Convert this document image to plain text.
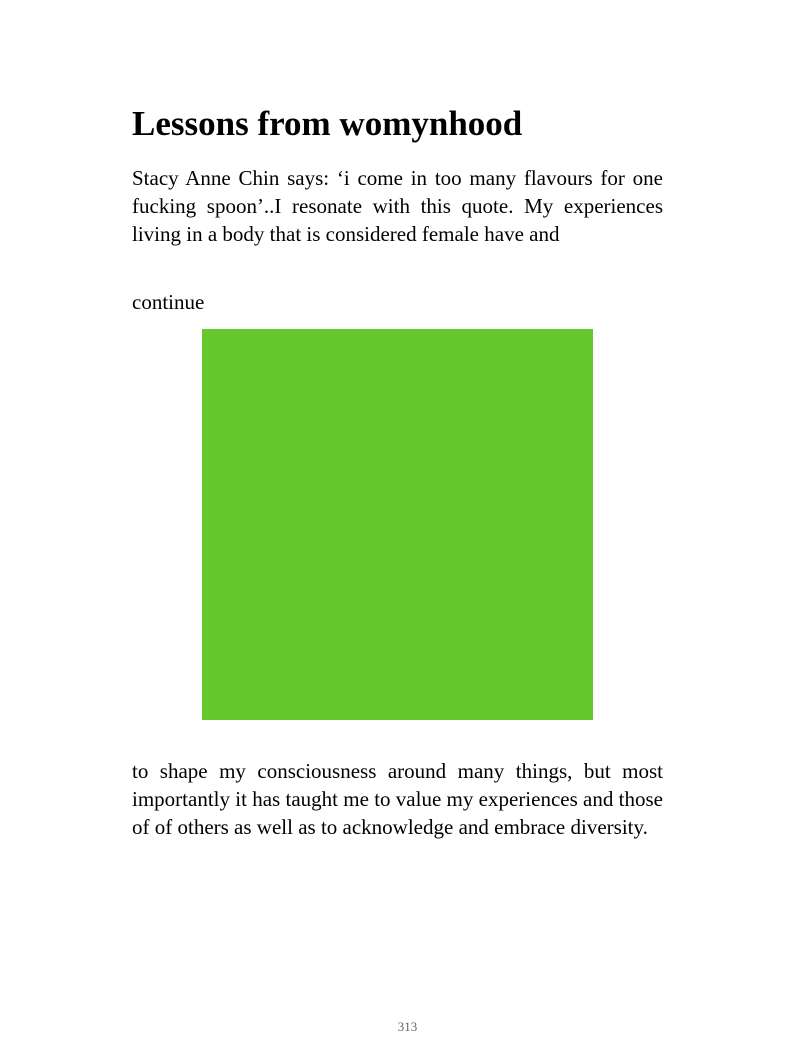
Lessons from womynhood

Stacy Anne Chin says: ‘i come in too many flavours for one fucking spoon’..I resonate with this quote. My experiences living in a body that is considered female have and

continue

to shape my consciousness around many things, but most importantly it has taught me to value my experiences and those of of others as well as to acknowledge and embrace diversity.

313
